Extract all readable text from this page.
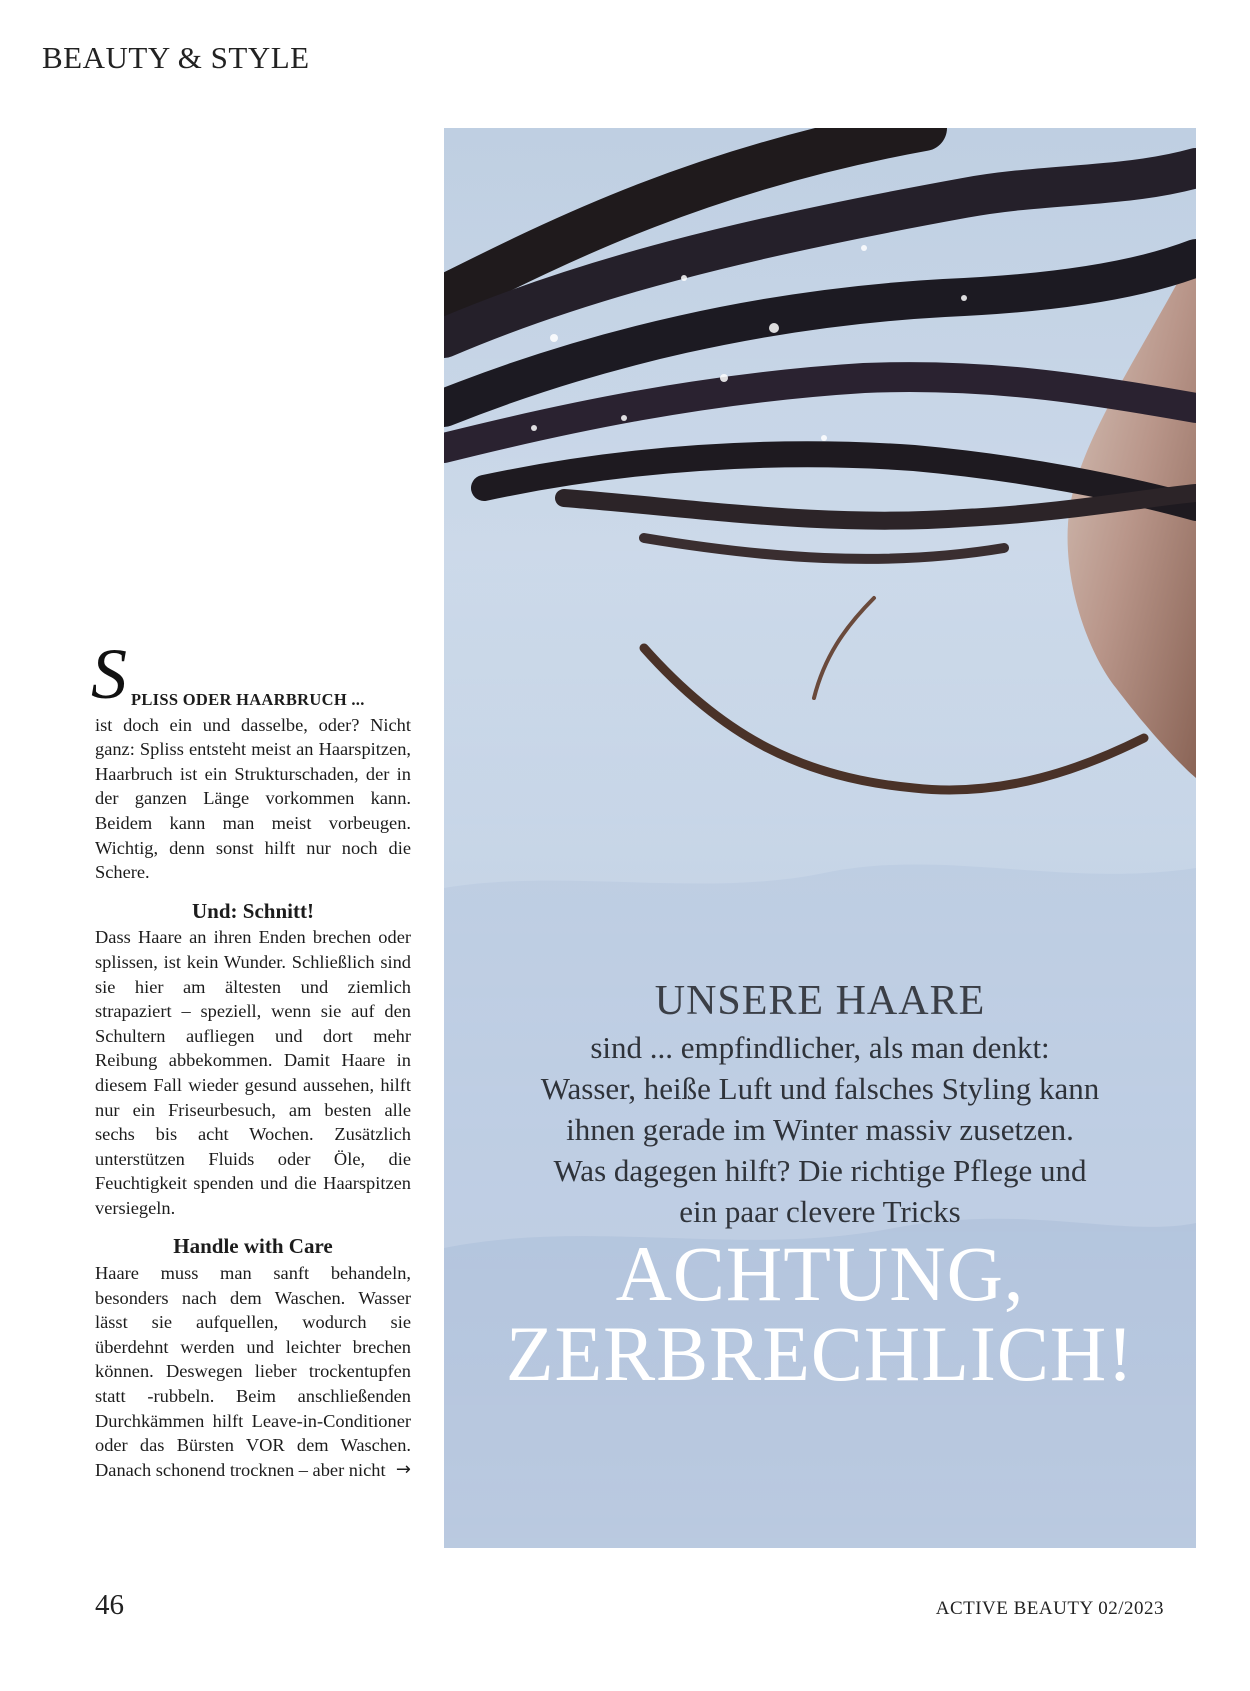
BEAUTY & STYLE
UNSERE HAARE
sind ... empfindlicher, als man denkt: Wasser, heiße Luft und falsches Styling kann ihnen gerade im Winter massiv zusetzen. Was dagegen hilft? Die richtige Pflege und ein paar clevere Tricks
ACHTUNG,
ZERBRECHLICH!

S PLISS ODER HAARBRUCH ...
ist doch ein und dasselbe, oder? Nicht ganz: Spliss entsteht meist an Haarspitzen, Haarbruch ist ein Strukturschaden, der in der ganzen Länge vorkommen kann. Beidem kann man meist vorbeugen. Wichtig, denn sonst hilft nur noch die Schere.

Und: Schnitt!

Dass Haare an ihren Enden brechen oder splissen, ist kein Wunder. Schließlich sind sie hier am ältesten und ziemlich strapaziert – speziell, wenn sie auf den Schultern aufliegen und dort mehr Reibung abbekommen. Damit Haare in diesem Fall wieder gesund aussehen, hilft nur ein Friseurbesuch, am besten alle sechs bis acht Wochen. Zusätzlich unterstützen Fluids oder Öle, die Feuchtigkeit spenden und die Haarspitzen versiegeln.

Handle with Care

Haare muss man sanft behandeln, besonders nach dem Waschen. Wasser lässt sie aufquellen, wodurch sie überdehnt werden und leichter brechen können. Deswegen lieber trockentupfen statt -rubbeln. Beim anschließenden Durchkämmen hilft Leave-in-Conditioner oder das Bürsten VOR dem Waschen. Danach schonend trocknen – aber nicht →

46	ACTIVE BEAUTY 02/2023
